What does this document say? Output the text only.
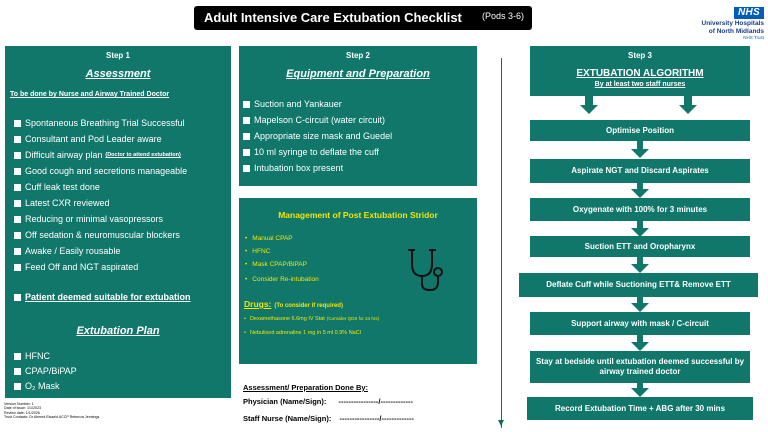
Adult Intensive Care Extubation Checklist (Pods 3-6)	NHS
University Hospitals
of North Midlands
NHS Trust
Step 1
Assessment
To be done by Nurse and Airway Trained Doctor
Spontaneous Breathing Trial Successful
Consultant and Pod Leader aware
Difficult airway plan (Doctor to attend extubation)
Good cough and secretions manageable
Cuff leak test done
Latest CXR reviewed
Reducing or minimal vasopressors
Off sedation & neuromuscular blockers
Awake / Easily rousable
Feed Off and NGT aspirated
Patient deemed suitable for extubation
Extubation Plan
HFNC
CPAP/BiPAP
O₂ Mask
Step 2
Equipment and Preparation
Suction and Yankauer
Mapelson C-circuit (water circuit)
Appropriate size mask and Guedel
10 ml syringe to deflate the cuff
Intubation box present
Management of Post Extubation Stridor
• Manual CPAP
• HFNC
• Mask CPAP/BiPAP
• Consider Re-intubation
Drugs: (To consider if required)
• Dexamethasone 6.6mg IV Stat (Consider QDS for 24 hrs)
• Nebulised adrenaline 1 mg in 5 ml 0.9% NaCl
Assessment/ Preparation Done By:
Physician (Name/Sign): ----------------/-------------
Staff Nurse (Name/Sign): ----------------/-------------
Version Number: 1
Date of issue: 1/1/2023
Review date: 1/1/2026
Trust Contacts: Dr Ahmed Elsaeid ACCP Rebecca Jennings
Step 3
EXTUBATION ALGORITHM
By at least two staff nurses
Optimise Position
Aspirate NGT and Discard Aspirates
Oxygenate with 100% for 3 minutes
Suction ETT and Oropharynx
Deflate Cuff while Suctioning ETT& Remove ETT
Support airway with mask / C-circuit
Stay at bedside until extubation deemed successful by airway trained doctor
Record Extubation Time + ABG after 30 mins
